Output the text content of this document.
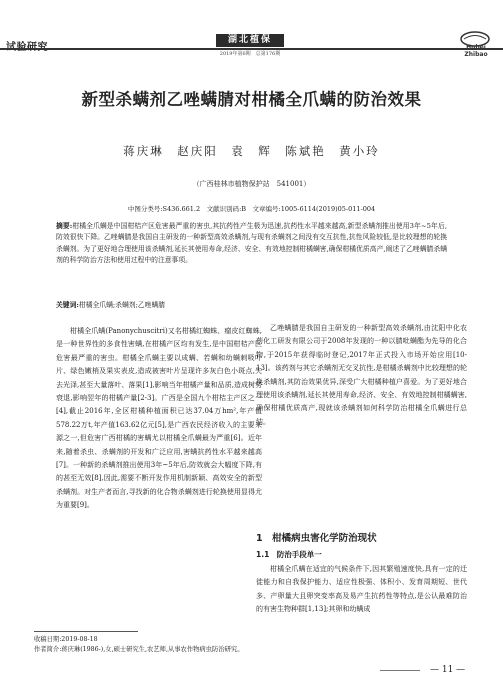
湖北植保
2019年第6期　总第176期
Hubei Zhibao
新型杀螨剂乙唑螨腈对柑橘全爪螨的防治效果
蒋庆琳　赵庆阳　袁　辉　陈斌艳　黄小玲
（广西桂林市植物保护站　541001）
中图分类号:S436.661.2　文献识别码:B　文章编号:1005-6114(2019)05-011-004
摘要:柑橘全爪螨是中国柑桔产区危害最严重的害虫,其抗药性产生极为迅速,抗药性水平越来越高,新型杀螨剂推出使用3年~5年后,防效很快下降。乙唑螨腈是我国自主研发的一种新型高效杀螨剂,与现有杀螨剂之间没有交互抗性,抗性风险较低,是比较理想的轮换杀螨剂。为了更好地合理使用该杀螨剂,延长其使用寿命,经济、安全、有效地控制柑橘螨害,确保柑橘优质高产,阐述了乙唑螨腈杀螨剂的科学防治方法和使用过程中的注意事项。
关键词:柑橘全爪螨;杀螨剂;乙唑螨腈
柑橘全爪螨(Panonychuscitri)又名柑橘红蜘蛛、瘤皮红蜘蛛,是一种世界性的多食性害螨,在柑橘产区均有发生,是中国柑桔产区危害最严重的害虫。柑橘全爪螨主要以成螨、若螨和幼螨刺吸叶片、绿色嫩梢及果实表皮,造成被害叶片呈现许多灰白色小斑点,失去光泽,甚至大量落叶、落果[1],影响当年柑橘产量和品质,造成树势衰退,影响翌年的柑橘产量[2-3]。广西是全国九个柑桔主产区之一[4],截止2016年,全区柑橘种植面积已达37.04万hm²,年产值578.22万t,年产值163.62亿元[5],是广西农民经济收入的主要来源之一,但危害广西柑橘的害螨尤以柑橘全爪螨最为严重[6]。近年来,随着杀虫、杀螨剂的开发和广泛应用,害螨抗药性水平越来越高[7]。一种新的杀螨剂推出使用3年~5年后,防效就会大幅度下降,有的甚至无效[8],因此,需要不断开发作用机制新颖、高效安全的新型杀螨剂。对生产者而言,寻找新的化合物杀螨剂进行轮换使用显得尤为重要[9]。
乙唑螨腈是我国自主研发的一种新型高效杀螨剂,由沈阳中化农药化工研发有限公司于2008年发现的一种以腈吡螨酯为先导的化合物,于2015年获得临时登记,2017年正式投入市场开始应用[10-13]。该药剂与其它杀螨剂无交叉抗性,是柑橘杀螨剂中比较理想的轮换杀螨剂,其防治效果优异,深受广大柑橘种植户喜爱。为了更好地合理使用该杀螨剂,延长其使用寿命,经济、安全、有效地控制柑橘螨害,确保柑橘优质高产,现就该杀螨剂如何科学防治柑橘全爪螨进行总结。
1　柑橘病虫害化学防治现状
1.1　防治手段单一
柑橘全爪螨在适宜的气候条件下,因其繁殖速度快,具有一定的迁徙能力和自我保护能力、适应性极强、体积小、发育周期短、世代多、产卵量大且卵突变率高及易产生抗药性等特点,是公认最难防治的有害生物种群[1,13];其卵和幼螨成
收稿日期:2019-08-18
作者简介:蒋庆琳(1986-),女,硕士研究生,农艺师,从事农作物病虫防治研究。
— 11 —
